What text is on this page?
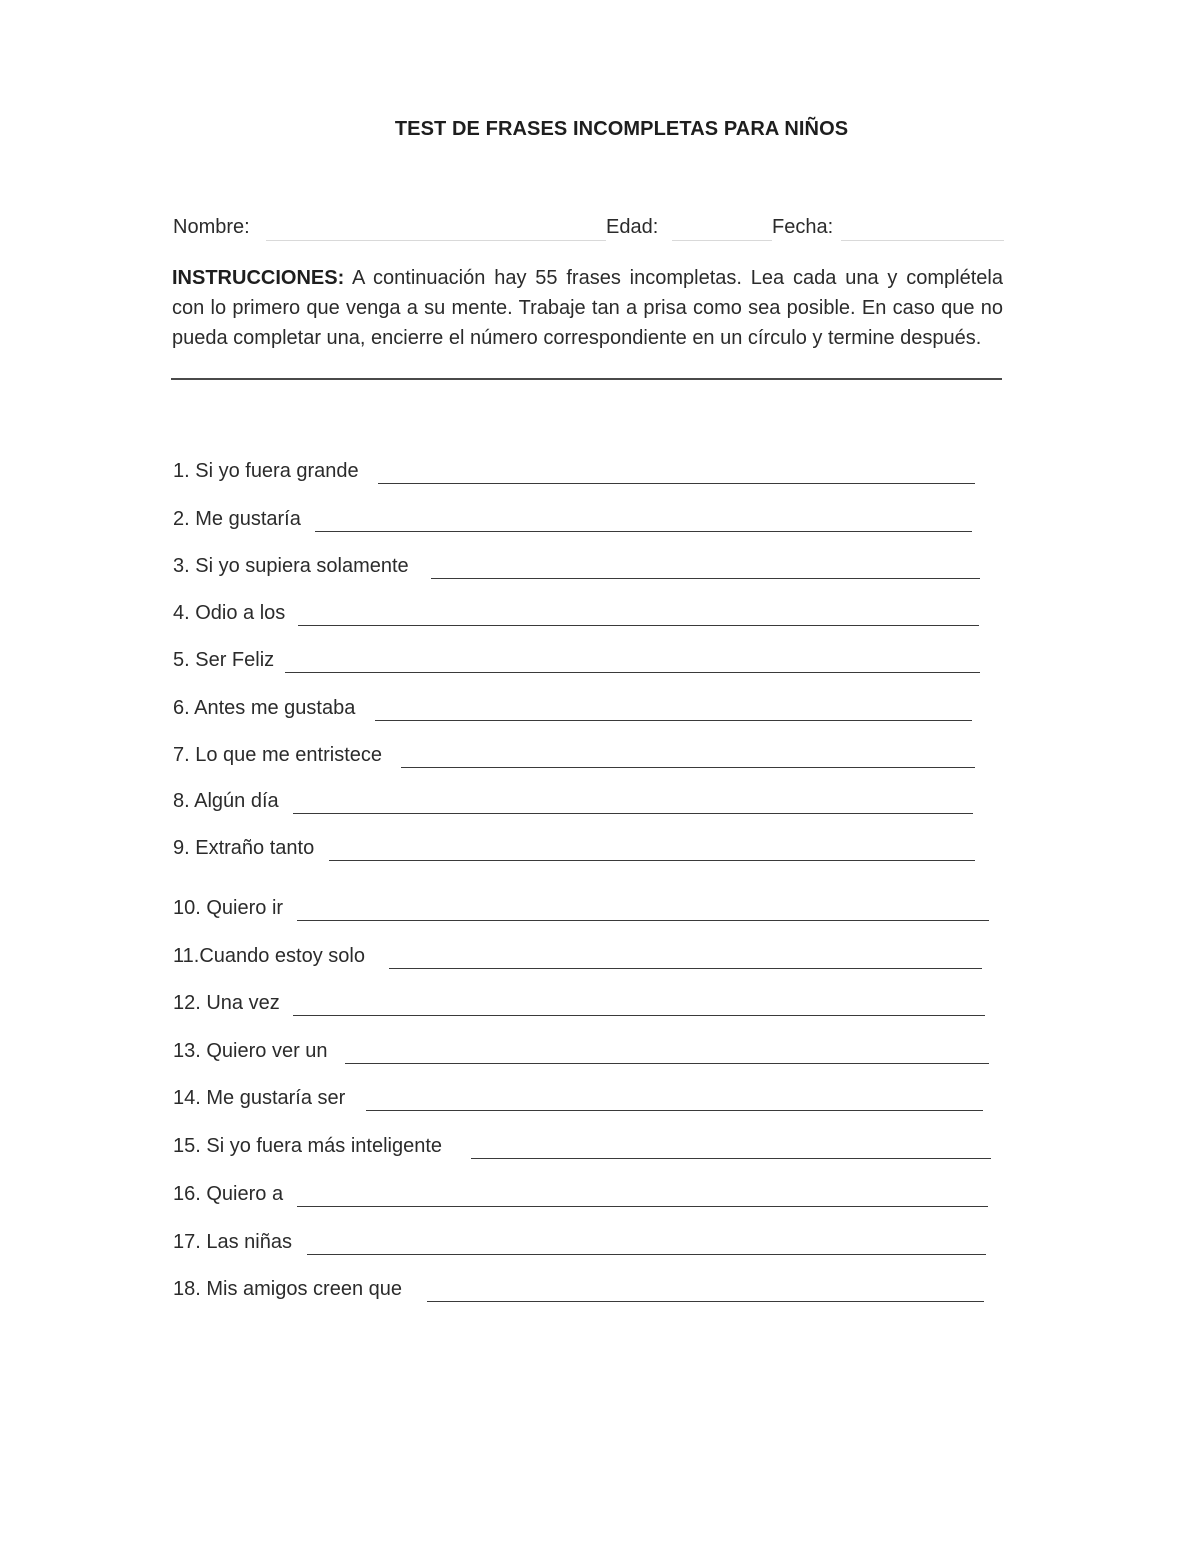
TEST DE FRASES INCOMPLETAS PARA NIÑOS
Nombre:	Edad:	Fecha:
INSTRUCCIONES: A continuación hay 55 frases incompletas. Lea cada una y complétela con lo primero que venga a su mente. Trabaje tan a prisa como sea posible. En caso que no pueda completar una, encierre el número correspondiente en un círculo y termine después.
1. Si yo fuera grande
2. Me gustaría
3. Si yo supiera solamente
4. Odio a los
5. Ser Feliz
6. Antes me gustaba
7. Lo que me entristece
8. Algún día
9. Extraño tanto
10. Quiero ir
11.Cuando estoy solo
12. Una vez
13. Quiero ver un
14. Me gustaría ser
15. Si yo fuera más inteligente
16. Quiero a
17. Las niñas
18. Mis amigos creen que
